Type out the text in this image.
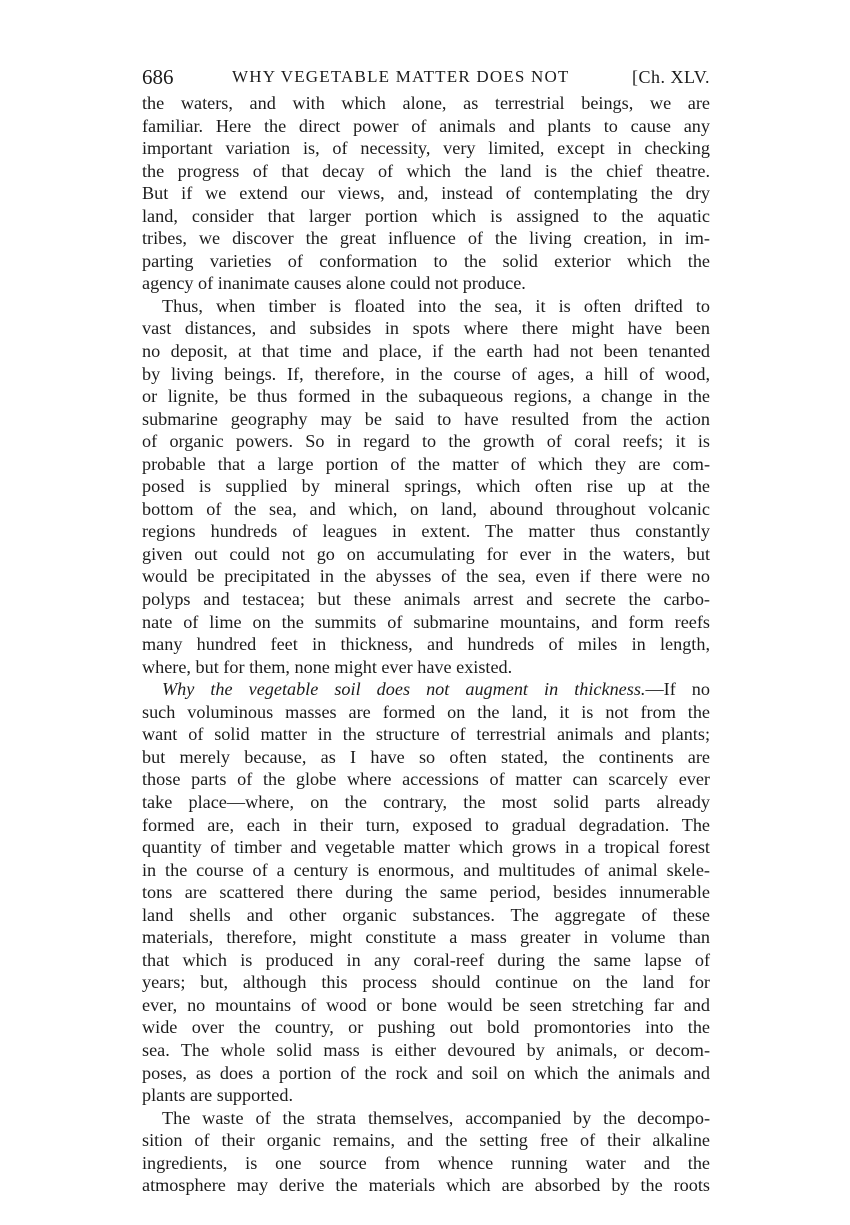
686	WHY VEGETABLE MATTER DOES NOT	[Ch. XLV.
the waters, and with which alone, as terrestrial beings, we are
familiar. Here the direct power of animals and plants to cause any
important variation is, of necessity, very limited, except in checking
the progress of that decay of which the land is the chief theatre.
But if we extend our views, and, instead of contemplating the dry
land, consider that larger portion which is assigned to the aquatic
tribes, we discover the great influence of the living creation, in im-
parting varieties of conformation to the solid exterior which the
agency of inanimate causes alone could not produce.
Thus, when timber is floated into the sea, it is often drifted to
vast distances, and subsides in spots where there might have been
no deposit, at that time and place, if the earth had not been tenanted
by living beings. If, therefore, in the course of ages, a hill of wood,
or lignite, be thus formed in the subaqueous regions, a change in the
submarine geography may be said to have resulted from the action
of organic powers. So in regard to the growth of coral reefs; it is
probable that a large portion of the matter of which they are com-
posed is supplied by mineral springs, which often rise up at the
bottom of the sea, and which, on land, abound throughout volcanic
regions hundreds of leagues in extent. The matter thus constantly
given out could not go on accumulating for ever in the waters, but
would be precipitated in the abysses of the sea, even if there were no
polyps and testacea; but these animals arrest and secrete the carbo-
nate of lime on the summits of submarine mountains, and form reefs
many hundred feet in thickness, and hundreds of miles in length,
where, but for them, none might ever have existed.
Why the vegetable soil does not augment in thickness.—If no
such voluminous masses are formed on the land, it is not from the
want of solid matter in the structure of terrestrial animals and plants;
but merely because, as I have so often stated, the continents are
those parts of the globe where accessions of matter can scarcely ever
take place—where, on the contrary, the most solid parts already
formed are, each in their turn, exposed to gradual degradation. The
quantity of timber and vegetable matter which grows in a tropical forest
in the course of a century is enormous, and multitudes of animal skele-
tons are scattered there during the same period, besides innumerable
land shells and other organic substances. The aggregate of these
materials, therefore, might constitute a mass greater in volume than
that which is produced in any coral-reef during the same lapse of
years; but, although this process should continue on the land for
ever, no mountains of wood or bone would be seen stretching far and
wide over the country, or pushing out bold promontories into the
sea. The whole solid mass is either devoured by animals, or decom-
poses, as does a portion of the rock and soil on which the animals and
plants are supported.
The waste of the strata themselves, accompanied by the decompo-
sition of their organic remains, and the setting free of their alkaline
ingredients, is one source from whence running water and the
atmosphere may derive the materials which are absorbed by the roots
